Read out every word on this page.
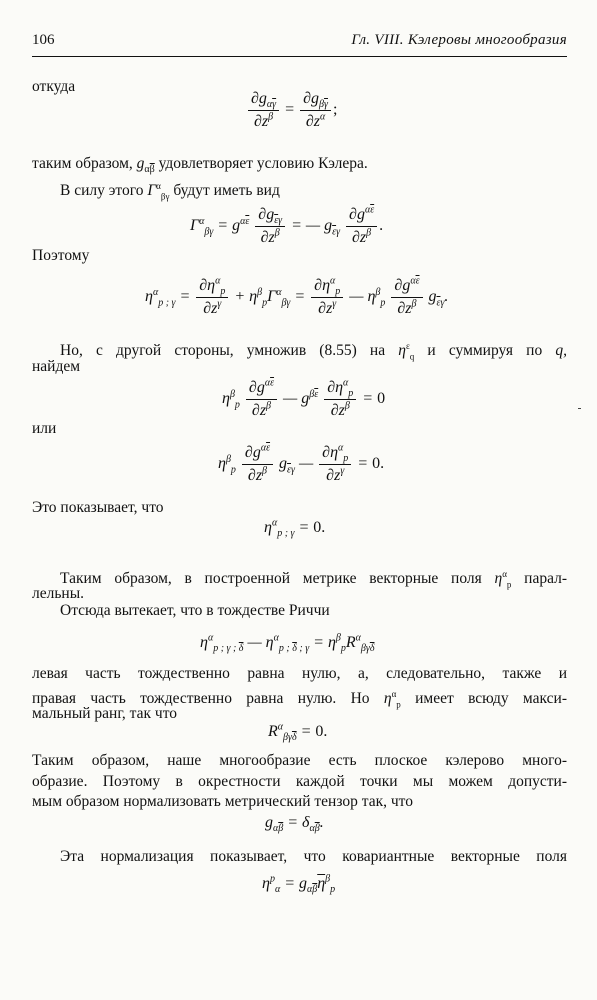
106	Гл. VIII. Кэлеровы многообразия
откуда
$\frac{\partial g_{\alpha\overline{\gamma}}}{\partial z^\beta} = \frac{\partial g_{\beta\overline{\gamma}}}{\partial z^\alpha}$ ;
таким образом, $g_{\alpha\overline{\beta}}$ удовлетворяет условию Кэлера.
В силу этого $\Gamma^\alpha_{\beta\gamma}$ будут иметь вид
$\Gamma^\alpha_{\beta\gamma} = g^{\alpha\overline{\varepsilon}} \frac{\partial g_{\overline{\varepsilon}\gamma}}{\partial z^\beta}$ = — $g_{\overline{\varepsilon}\gamma} \frac{\partial g^{\alpha\overline{\varepsilon}}}{\partial z^\beta}$ .
Поэтому
$\eta^\alpha_{p ; \gamma} = \frac{\partial\eta^\alpha_p}{\partial z^\gamma} + \eta^\beta_p\Gamma^\alpha_{\beta\gamma} = \frac{\partial\eta^\alpha_p}{\partial z^\gamma}$ — $\eta^\beta_p \frac{\partial g^{\alpha\overline{\varepsilon}}}{\partial z^\beta} g_{\overline{\varepsilon}\gamma}$.
Но, с другой стороны, умножив (8.55) на $\eta^\varepsilon_q$ и суммируя по q,
найдем
$\eta^\beta_p \frac{\partial g^{\alpha\overline{\varepsilon}}}{\partial z^\beta}$ — $g^{\beta\overline{\varepsilon}} \frac{\partial\eta^\alpha_p}{\partial z^\beta} = 0$
или
$\eta^\beta_p \frac{\partial g^{\alpha\overline{\varepsilon}}}{\partial z^\beta} g_{\overline{\varepsilon}\gamma}$ — $\frac{\partial\eta^\alpha_p}{\partial z^\gamma} = 0$.
Это показывает, что
$\eta^\alpha_{p ; \gamma} = 0$.
Таким образом, в построенной метрике векторные поля $\eta^\alpha_p$ парал-
лельны.
Отсюда вытекает, что в тождестве Риччи
$\eta^\alpha_{p ; \gamma ; \overline{\delta}}$ — $\eta^\alpha_{p ; \overline{\delta} ; \gamma} = \eta^\beta_pR^\alpha_{\beta\gamma\overline{\delta}}$
левая часть тождественно равна нулю, а, следовательно, также и
правая часть тождественно равна нулю. Но $\eta^\alpha_p$ имеет всюду макси-
мальный ранг, так что
$R^\alpha_{\beta\gamma\overline{\delta}} = 0$.
Таким образом, наше многообразие есть плоское кэлерово много-
образие. Поэтому в окрестности каждой точки мы можем допусти-
мым образом нормализовать метрический тензор так, что
$g_{\alpha\overline{\beta}} = \delta_{\alpha\overline{\beta}}$.
Эта нормализация показывает, что ковариантные векторные поля
$\eta^p_\alpha = g_{\alpha\overline{\beta}}\overline{\eta}^\beta_p$
